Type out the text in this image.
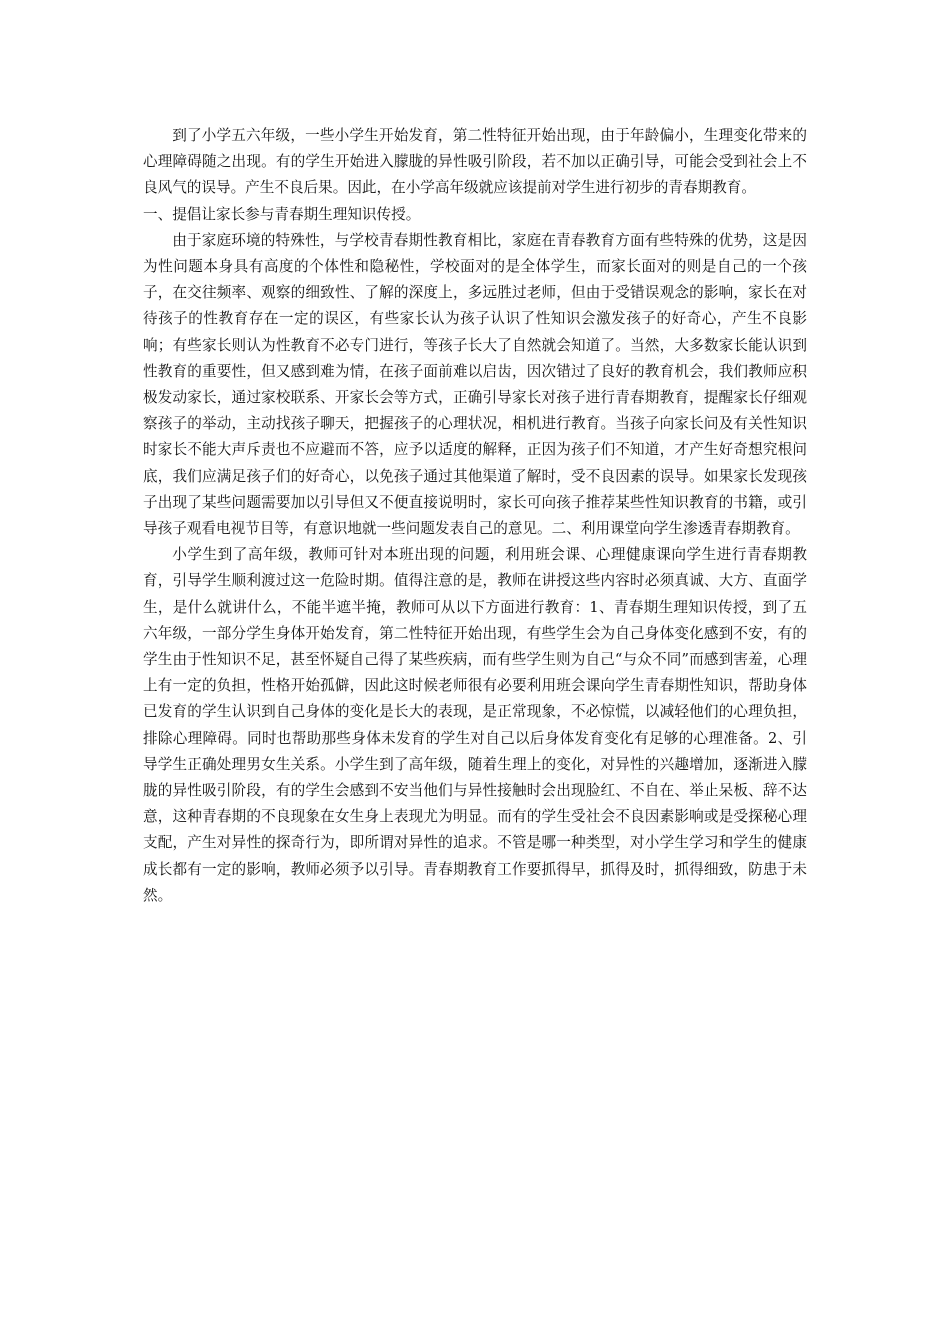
到了小学五六年级，一些小学生开始发育，第二性特征开始出现，由于年龄偏小，生理变化带来的心理障碍随之出现。有的学生开始进入朦胧的异性吸引阶段，若不加以正确引导，可能会受到社会上不良风气的误导。产生不良后果。因此，在小学高年级就应该提前对学生进行初步的青春期教育。

一、提倡让家长参与青春期生理知识传授。

由于家庭环境的特殊性，与学校青春期性教育相比，家庭在青春教育方面有些特殊的优势，这是因为性问题本身具有高度的个体性和隐秘性，学校面对的是全体学生，而家长面对的则是自己的一个孩子，在交往频率、观察的细致性、了解的深度上，多远胜过老师，但由于受错误观念的影响，家长在对待孩子的性教育存在一定的误区，有些家长认为孩子认识了性知识会激发孩子的好奇心，产生不良影响；有些家长则认为性教育不必专门进行，等孩子长大了自然就会知道了。当然，大多数家长能认识到性教育的重要性，但又感到难为情，在孩子面前难以启齿，因次错过了良好的教育机会，我们教师应积极发动家长，通过家校联系、开家长会等方式，正确引导家长对孩子进行青春期教育，提醒家长仔细观察孩子的举动，主动找孩子聊天，把握孩子的心理状况，相机进行教育。当孩子向家长问及有关性知识时家长不能大声斥责也不应避而不答，应予以适度的解释，正因为孩子们不知道，才产生好奇想究根问底，我们应满足孩子们的好奇心，以免孩子通过其他渠道了解时，受不良因素的误导。如果家长发现孩子出现了某些问题需要加以引导但又不便直接说明时，家长可向孩子推荐某些性知识教育的书籍，或引导孩子观看电视节目等，有意识地就一些问题发表自己的意见。二、利用课堂向学生渗透青春期教育。

小学生到了高年级，教师可针对本班出现的问题，利用班会课、心理健康课向学生进行青春期教育，引导学生顺利渡过这一危险时期。值得注意的是，教师在讲授这些内容时必须真诚、大方、直面学生，是什么就讲什么，不能半遮半掩，教师可从以下方面进行教育：1、青春期生理知识传授，到了五六年级，一部分学生身体开始发育，第二性特征开始出现，有些学生会为自己身体变化感到不安，有的学生由于性知识不足，甚至怀疑自己得了某些疾病，而有些学生则为自己“与众不同”而感到害羞，心理上有一定的负担，性格开始孤僻，因此这时候老师很有必要利用班会课向学生青春期性知识，帮助身体已发育的学生认识到自己身体的变化是长大的表现，是正常现象，不必惊慌，以减轻他们的心理负担，排除心理障碍。同时也帮助那些身体未发育的学生对自己以后身体发育变化有足够的心理准备。2、引导学生正确处理男女生关系。小学生到了高年级，随着生理上的变化，对异性的兴趣增加，逐渐进入朦胧的异性吸引阶段，有的学生会感到不安当他们与异性接触时会出现脸红、不自在、举止呆板、辞不达意，这种青春期的不良现象在女生身上表现尤为明显。而有的学生受社会不良因素影响或是受探秘心理支配，产生对异性的探奇行为，即所谓对异性的追求。不管是哪一种类型，对小学生学习和学生的健康成长都有一定的影响，教师必须予以引导。青春期教育工作要抓得早，抓得及时，抓得细致，防患于未然。
